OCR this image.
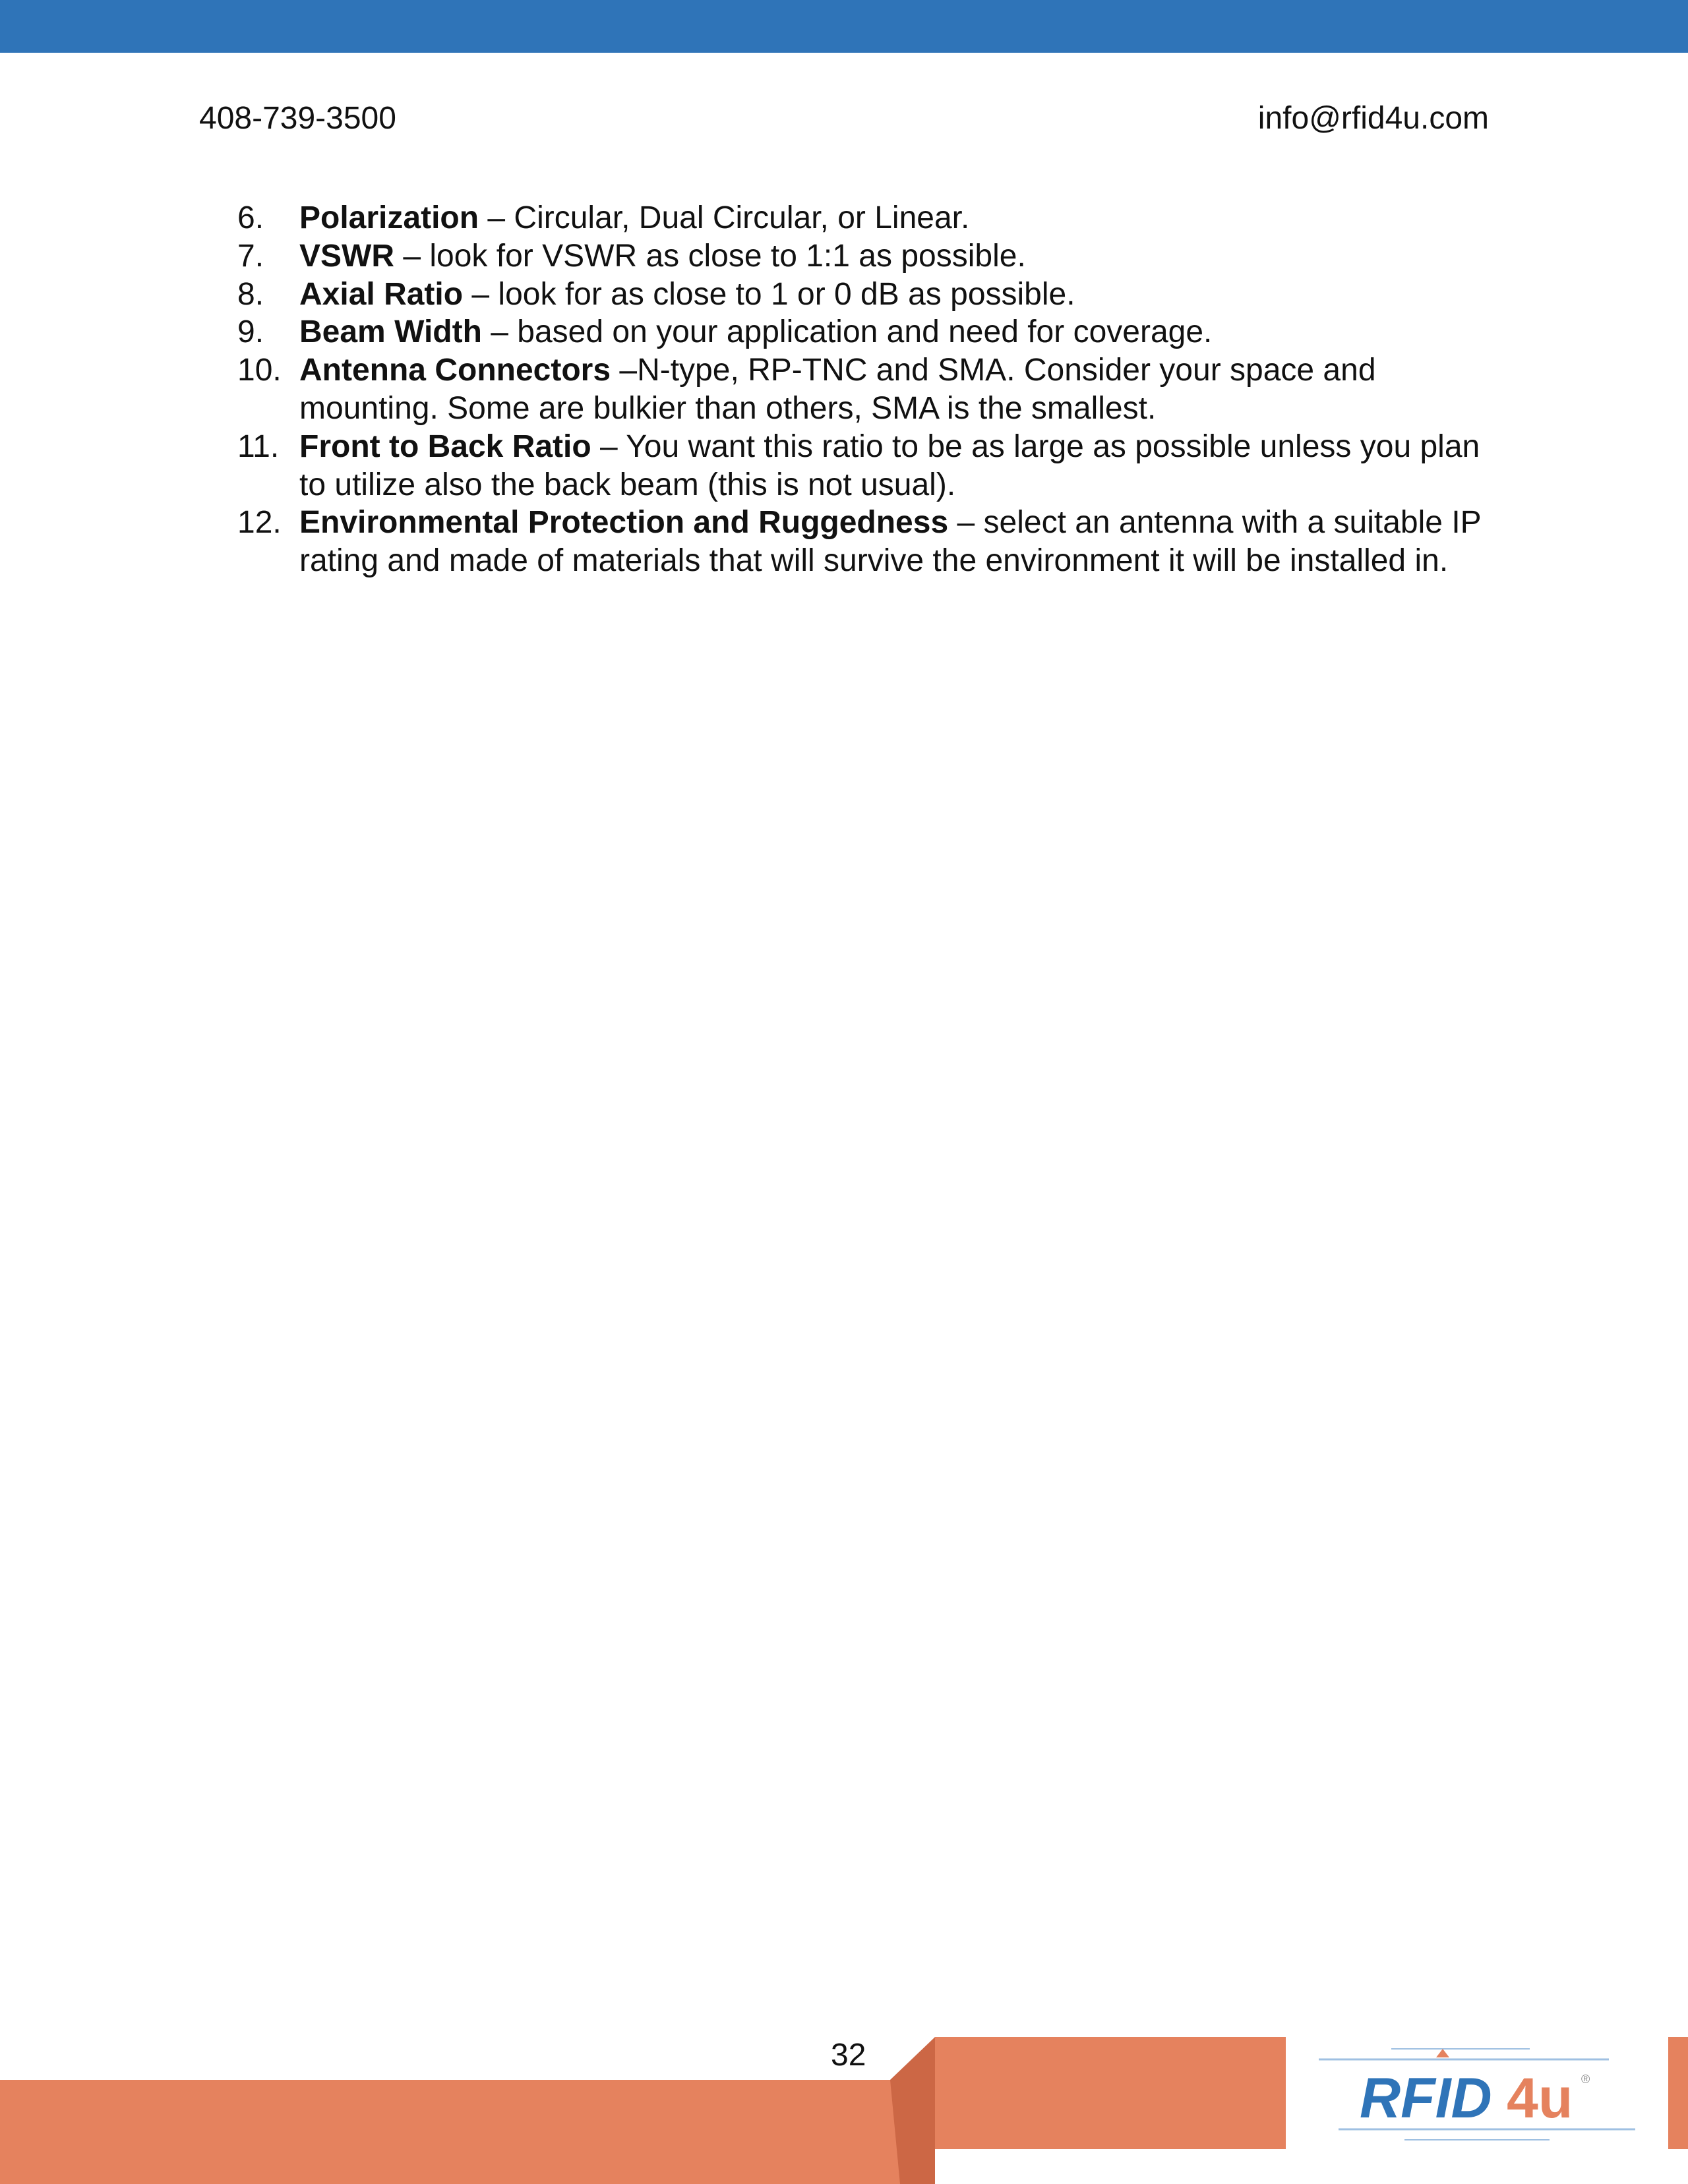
408-739-3500	info@rfid4u.com
6.	Polarization – Circular, Dual Circular, or Linear.
7.	VSWR – look for VSWR as close to 1:1 as possible.
8.	Axial Ratio – look for as close to 1 or 0 dB as possible.
9.	Beam Width – based on your application and need for coverage.
10. Antenna Connectors –N-type, RP-TNC and SMA. Consider your space and mounting. Some are bulkier than others, SMA is the smallest.
11. Front to Back Ratio – You want this ratio to be as large as possible unless you plan to utilize also the back beam (this is not usual).
12. Environmental Protection and Ruggedness – select an antenna with a suitable IP rating and made of materials that will survive the environment it will be installed in.
32
RFID 4u ®
